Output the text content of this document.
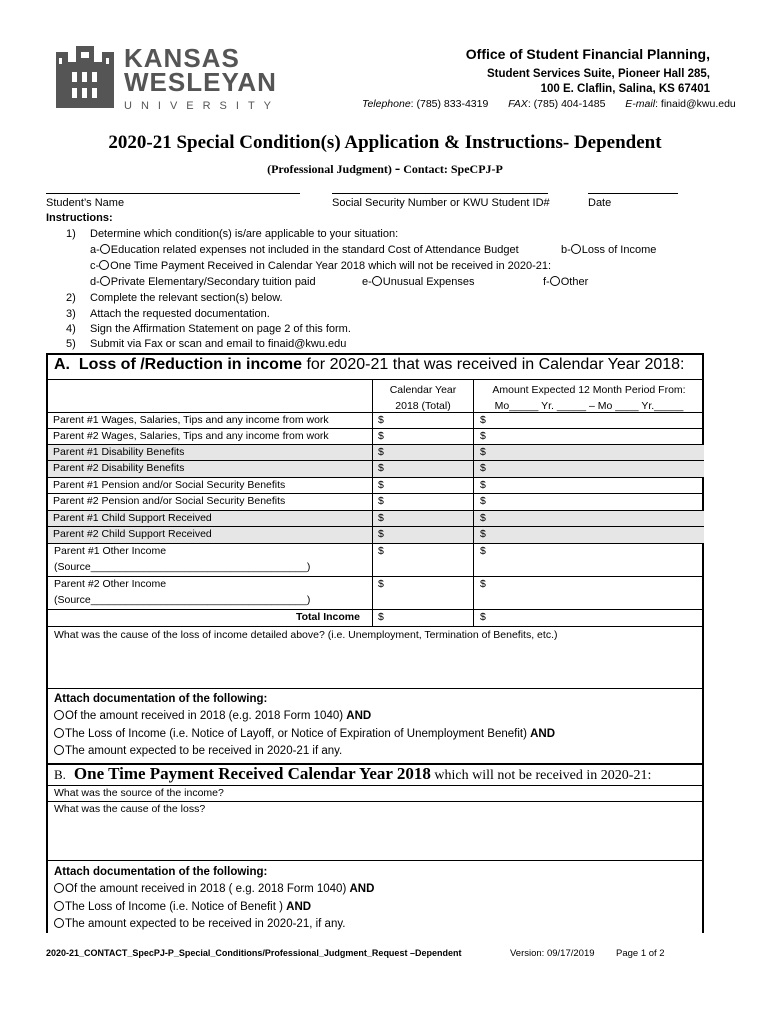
KANSAS
WESLEYAN
UNIVERSITY
Office of Student Financial Planning,
Student Services Suite, Pioneer Hall 285,
100 E. Claflin, Salina, KS 67401
Telephone: (785) 833-4319 FAX: (785) 404-1485 E-mail: finaid@kwu.edu
2020-21 Special Condition(s) Application & Instructions- Dependent
(Professional Judgment) - Contact: SpeCPJ-P
Student’s Name	Social Security Number or KWU Student ID#	Date
Instructions:
1) Determine which condition(s) is/are applicable to your situation:
a- Education related expenses not included in the standard Cost of Attendance Budget	b- Loss of Income
c- One Time Payment Received in Calendar Year 2018 which will not be received in 2020-21:
d- Private Elementary/Secondary tuition paid	e- Unusual Expenses	f- Other
2) Complete the relevant section(s) below.
3) Attach the requested documentation.
4) Sign the Affirmation Statement on page 2 of this form.
5) Submit via Fax or scan and email to finaid@kwu.edu
A. Loss of /Reduction in income for 2020-21 that was received in Calendar Year 2018:
Calendar Year
2018 (Total)
Amount Expected 12 Month Period From:
Mo_____ Yr. _____ – Mo ____ Yr._____
Parent #1 Wages, Salaries, Tips and any income from work	$	$
Parent #2 Wages, Salaries, Tips and any income from work	$	$
Parent #1 Disability Benefits	$	$
Parent #2 Disability Benefits	$	$
Parent #1 Pension and/or Social Security Benefits	$	$
Parent #2 Pension and/or Social Security Benefits	$	$
Parent #1 Child Support Received	$	$
Parent #2 Child Support Received	$	$
Parent #1 Other Income
(Source_____________________________________)
$	$
Parent #2 Other Income
(Source_____________________________________)
$	$
Total Income $	$
What was the cause of the loss of income detailed above? (i.e. Unemployment, Termination of Benefits, etc.)
Attach documentation of the following:
Of the amount received in 2018 (e.g. 2018 Form 1040) AND
The Loss of Income (i.e. Notice of Layoff, or Notice of Expiration of Unemployment Benefit) AND
The amount expected to be received in 2020-21 if any.
B. One Time Payment Received Calendar Year 2018 which will not be received in 2020-21:
What was the source of the income?
What was the cause of the loss?
Attach documentation of the following:
Of the amount received in 2018 ( e.g. 2018 Form 1040) AND
The Loss of Income (i.e. Notice of Benefit ) AND
The amount expected to be received in 2020-21, if any.
2020-21_CONTACT_SpecPJ-P_Special_Conditions/Professional_Judgment_Request –Dependent	Version: 09/17/2019 Page 1 of 2
